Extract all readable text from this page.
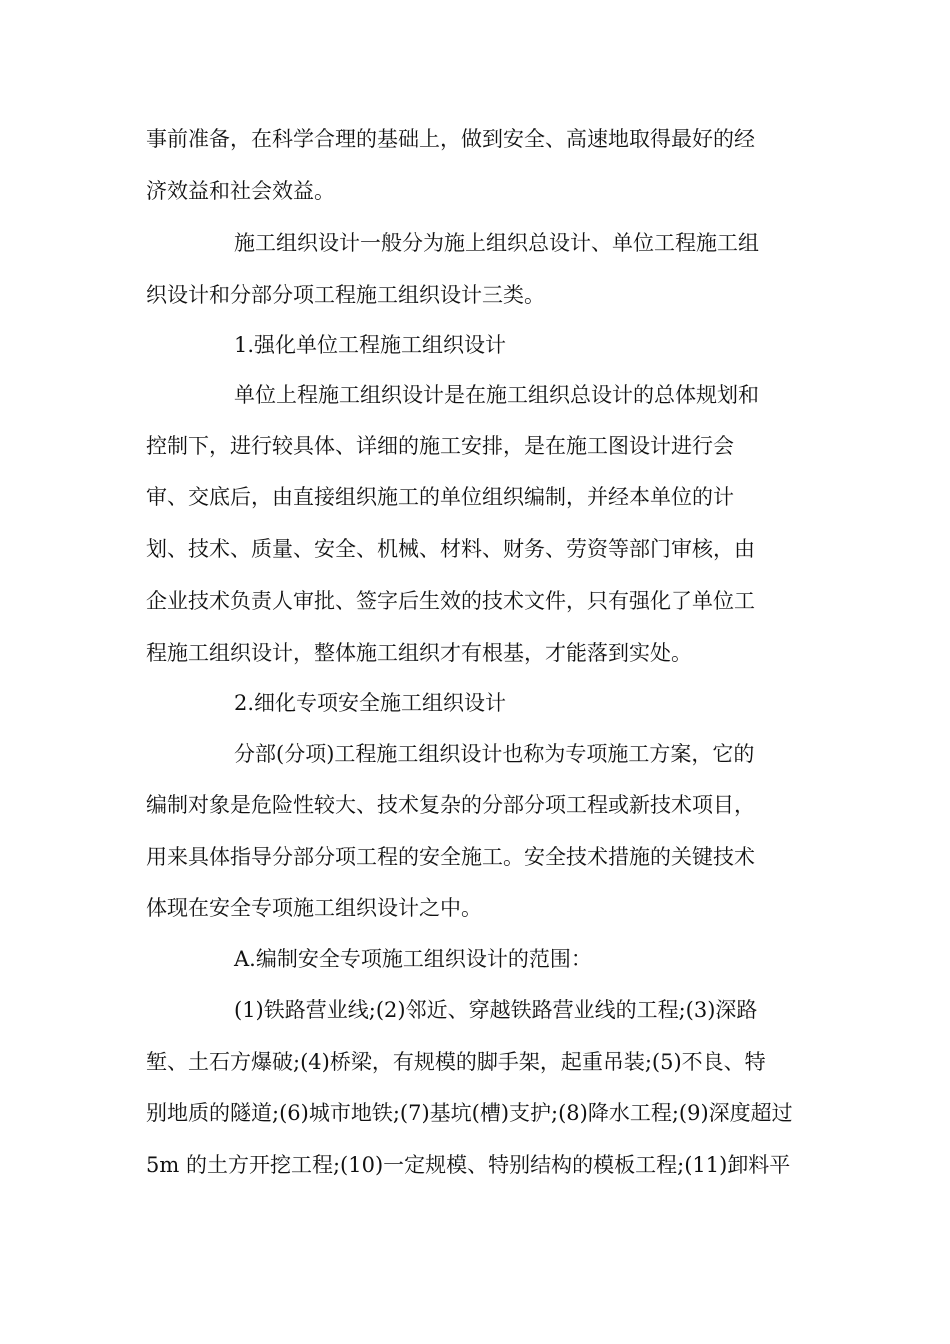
事前准备，在科学合理的基础上，做到安全、高速地取得最好的经
济效益和社会效益。
施工组织设计一般分为施上组织总设计、单位工程施工组
织设计和分部分项工程施工组织设计三类。
1.强化单位工程施工组织设计
单位上程施工组织设计是在施工组织总设计的总体规划和
控制下，进行较具体、详细的施工安排，是在施工图设计进行会
审、交底后，由直接组织施工的单位组织编制，并经本单位的计
划、技术、质量、安全、机械、材料、财务、劳资等部门审核，由
企业技术负责人审批、签字后生效的技术文件，只有强化了单位工
程施工组织设计，整体施工组织才有根基，才能落到实处。
2.细化专项安全施工组织设计
分部(分项)工程施工组织设计也称为专项施工方案，它的
编制对象是危险性较大、技术复杂的分部分项工程或新技术项目，
用来具体指导分部分项工程的安全施工。安全技术措施的关键技术
体现在安全专项施工组织设计之中。
A.编制安全专项施工组织设计的范围：
(1)铁路营业线;(2)邻近、穿越铁路营业线的工程;(3)深路
堑、土石方爆破;(4)桥梁，有规模的脚手架，起重吊装;(5)不良、特
别地质的隧道;(6)城市地铁;(7)基坑(槽)支护;(8)降水工程;(9)深度超过
5m 的土方开挖工程;(10)一定规模、特别结构的模板工程;(11)卸料平
